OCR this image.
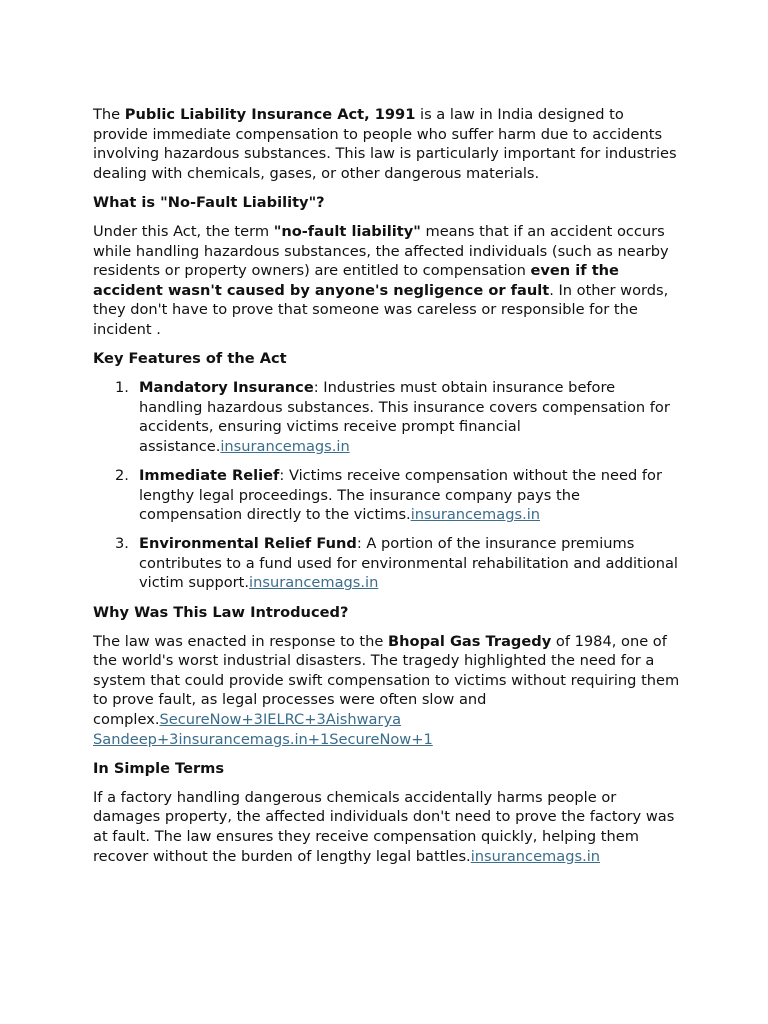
The Public Liability Insurance Act, 1991 is a law in India designed to provide immediate compensation to people who suffer harm due to accidents involving hazardous substances. This law is particularly important for industries dealing with chemicals, gases, or other dangerous materials.

What is "No-Fault Liability"?

Under this Act, the term "no-fault liability" means that if an accident occurs while handling hazardous substances, the affected individuals (such as nearby residents or property owners) are entitled to compensation even if the accident wasn't caused by anyone's negligence or fault. In other words, they don't have to prove that someone was careless or responsible for the incident .

Key Features of the Act
1. Mandatory Insurance: Industries must obtain insurance before handling hazardous substances. This insurance covers compensation for accidents, ensuring victims receive prompt financial assistance.insurancemags.in
2. Immediate Relief: Victims receive compensation without the need for lengthy legal proceedings. The insurance company pays the compensation directly to the victims.insurancemags.in
3. Environmental Relief Fund: A portion of the insurance premiums contributes to a fund used for environmental rehabilitation and additional victim support.insurancemags.in
Why Was This Law Introduced?

The law was enacted in response to the Bhopal Gas Tragedy of 1984, one of the world's worst industrial disasters. The tragedy highlighted the need for a system that could provide swift compensation to victims without requiring them to prove fault, as legal processes were often slow and complex.SecureNow+3IELRC+3Aishwarya Sandeep+3insurancemags.in+1SecureNow+1

In Simple Terms

If a factory handling dangerous chemicals accidentally harms people or damages property, the affected individuals don't need to prove the factory was at fault. The law ensures they receive compensation quickly, helping them recover without the burden of lengthy legal battles.insurancemags.in
